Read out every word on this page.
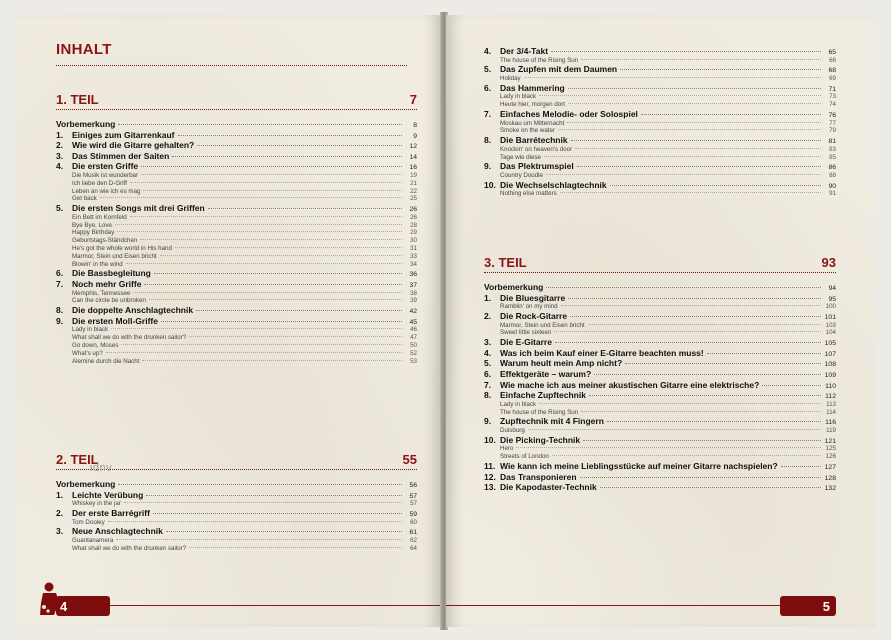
INHALT
1. TEIL	7
Vorbemerkung	8
1.	Einiges zum Gitarrenkauf	9
2.	Wie wird die Gitarre gehalten?	12
3.	Das Stimmen der Saiten	14
4.	Die ersten Griffe	16
Die Musik ist wunderbar	19
Ich liebe den D-Griff	21
Leben an wie ich es mag	22
Get back	25
5.	Die ersten Songs mit drei Griffen	26
Ein Bett im Kornfeld	26
Bye Bye, Love	28
Happy Birthday	29
Geburtstags-Ständchen	30
He's got the whole world in His hand	31
Marmor, Stein und Eisen bricht	33
Blowin' in the wind	34
6.	Die Bassbegleitung	36
7.	Noch mehr Griffe	37
Memphis, Tennessee	38
Can the circle be unbroken	39
8.	Die doppelte Anschlagtechnik	42
9.	Die ersten Moll-Griffe	45
Lady in black	46
What shall we do with the drunken sailor?	47
Go down, Moses	50
What's up?	52
Alemine durch die Nacht	53
2. TEIL	55
Vorbemerkung	56
1.	Leichte Verübung	57
Whiskey in the jar	57
2.	Der erste Barrégriff	59
Tom Dooley	60
3.	Neue Anschlagtechnik	61
Guantanamera	62
What shall we do with the drunken sailor?	64
idnv
4
4.	Der 3/4-Takt	65
The house of the Rising Sun	66
5.	Das Zupfen mit dem Daumen	68
Holiday	69
6.	Das Hammering	71
Lady in black	73
Heute hier, morgen dort	74
7.	Einfaches Melodie- oder Solospiel	76
Moskau um Mitternacht	77
Smoke on the water	79
8.	Die Barrétechnik	81
Knockin' on heaven's door	83
Tage wie diese	85
9.	Das Plektrumspiel	86
Country Doodle	88
10. Die Wechselschlagtechnik	90
Nothing else matters	91
3. TEIL	93
Vorbemerkung	94
1.	Die Bluesgitarre	95
Ramblin' on my mind	100
2.	Die Rock-Gitarre	101
Marmor, Stein und Eisen bricht	103
Sweet little sixteen	104
3.	Die E-Gitarre	105
4.	Was ich beim Kauf einer E-Gitarre beachten muss!	107
5.	Warum heult mein Amp nicht?	108
6.	Effektgeräte – warum?	109
7.	Wie mache ich aus meiner akustischen Gitarre eine elektrische?	110
8.	Einfache Zupftechnik	112
Lady in black	113
The house of the Rising Sun	114
9.	Zupftechnik mit 4 Fingern	116
Duisburg	119
10. Die Picking-Technik	121
Hero	125
Streets of London	126
11. Wie kann ich meine Lieblingsstücke auf meiner Gitarre nachspielen?	127
12. Das Transponieren	128
13. Die Kapodaster-Technik	132
5
